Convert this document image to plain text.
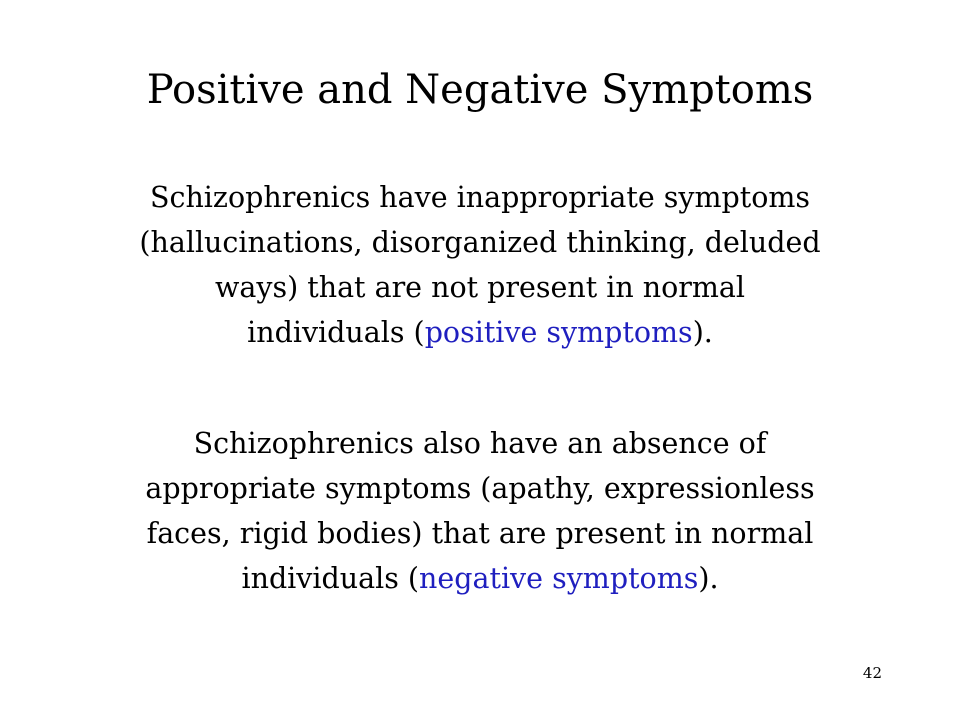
Positive and Negative Symptoms

Schizophrenics have inappropriate symptoms
(hallucinations, disorganized thinking, deluded
ways) that are not present in normal
individuals (positive symptoms).

Schizophrenics also have an absence of
appropriate symptoms (apathy, expressionless
faces, rigid bodies) that are present in normal
individuals (negative symptoms).

42
